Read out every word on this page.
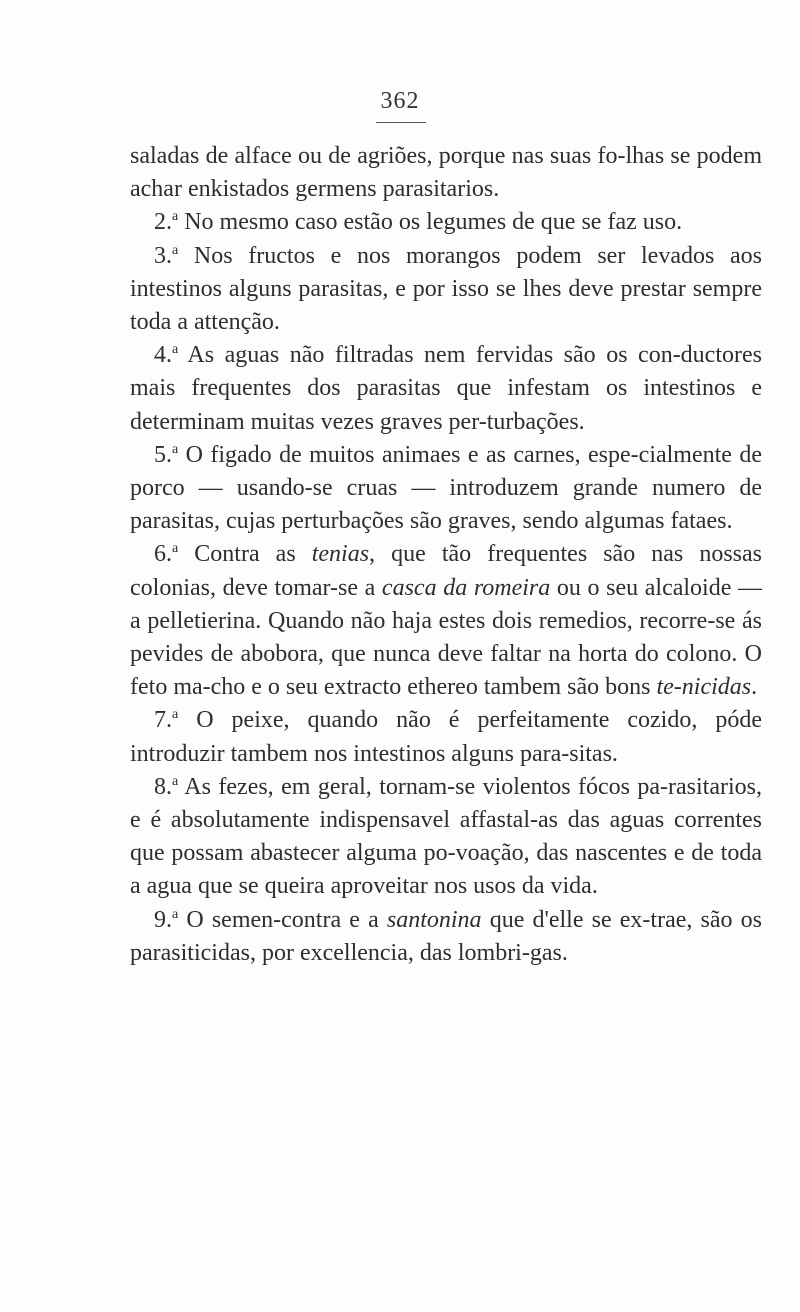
362

saladas de alface ou de agriões, porque nas suas fo-lhas se podem achar enkistados germens parasitarios.

2.$^a$ No mesmo caso estão os legumes de que se faz uso.

3.$^a$ Nos fructos e nos morangos podem ser levados aos intestinos alguns parasitas, e por isso se lhes deve prestar sempre toda a attenção.

4.$^a$ As aguas não filtradas nem fervidas são os con-ductores mais frequentes dos parasitas que infestam os intestinos e determinam muitas vezes graves per-turbações.

5.$^a$ O figado de muitos animaes e as carnes, espe-cialmente de porco — usando-se cruas — introduzem grande numero de parasitas, cujas perturbações são graves, sendo algumas fataes.

6.$^a$ Contra as tenias, que tão frequentes são nas nossas colonias, deve tomar-se a casca da romeira ou o seu alcaloide — a pelletierina. Quando não haja estes dois remedios, recorre-se ás pevides de abobora, que nunca deve faltar na horta do colono. O feto ma-cho e o seu extracto ethereo tambem são bons te-nicidas.

7.$^a$ O peixe, quando não é perfeitamente cozido, póde introduzir tambem nos intestinos alguns para-sitas.

8.$^a$ As fezes, em geral, tornam-se violentos fócos pa-rasitarios, e é absolutamente indispensavel affastal-as das aguas correntes que possam abastecer alguma po-voação, das nascentes e de toda a agua que se queira aproveitar nos usos da vida.

9.$^a$ O semen-contra e a santonina que d'elle se ex-trae, são os parasiticidas, por excellencia, das lombri-gas.
